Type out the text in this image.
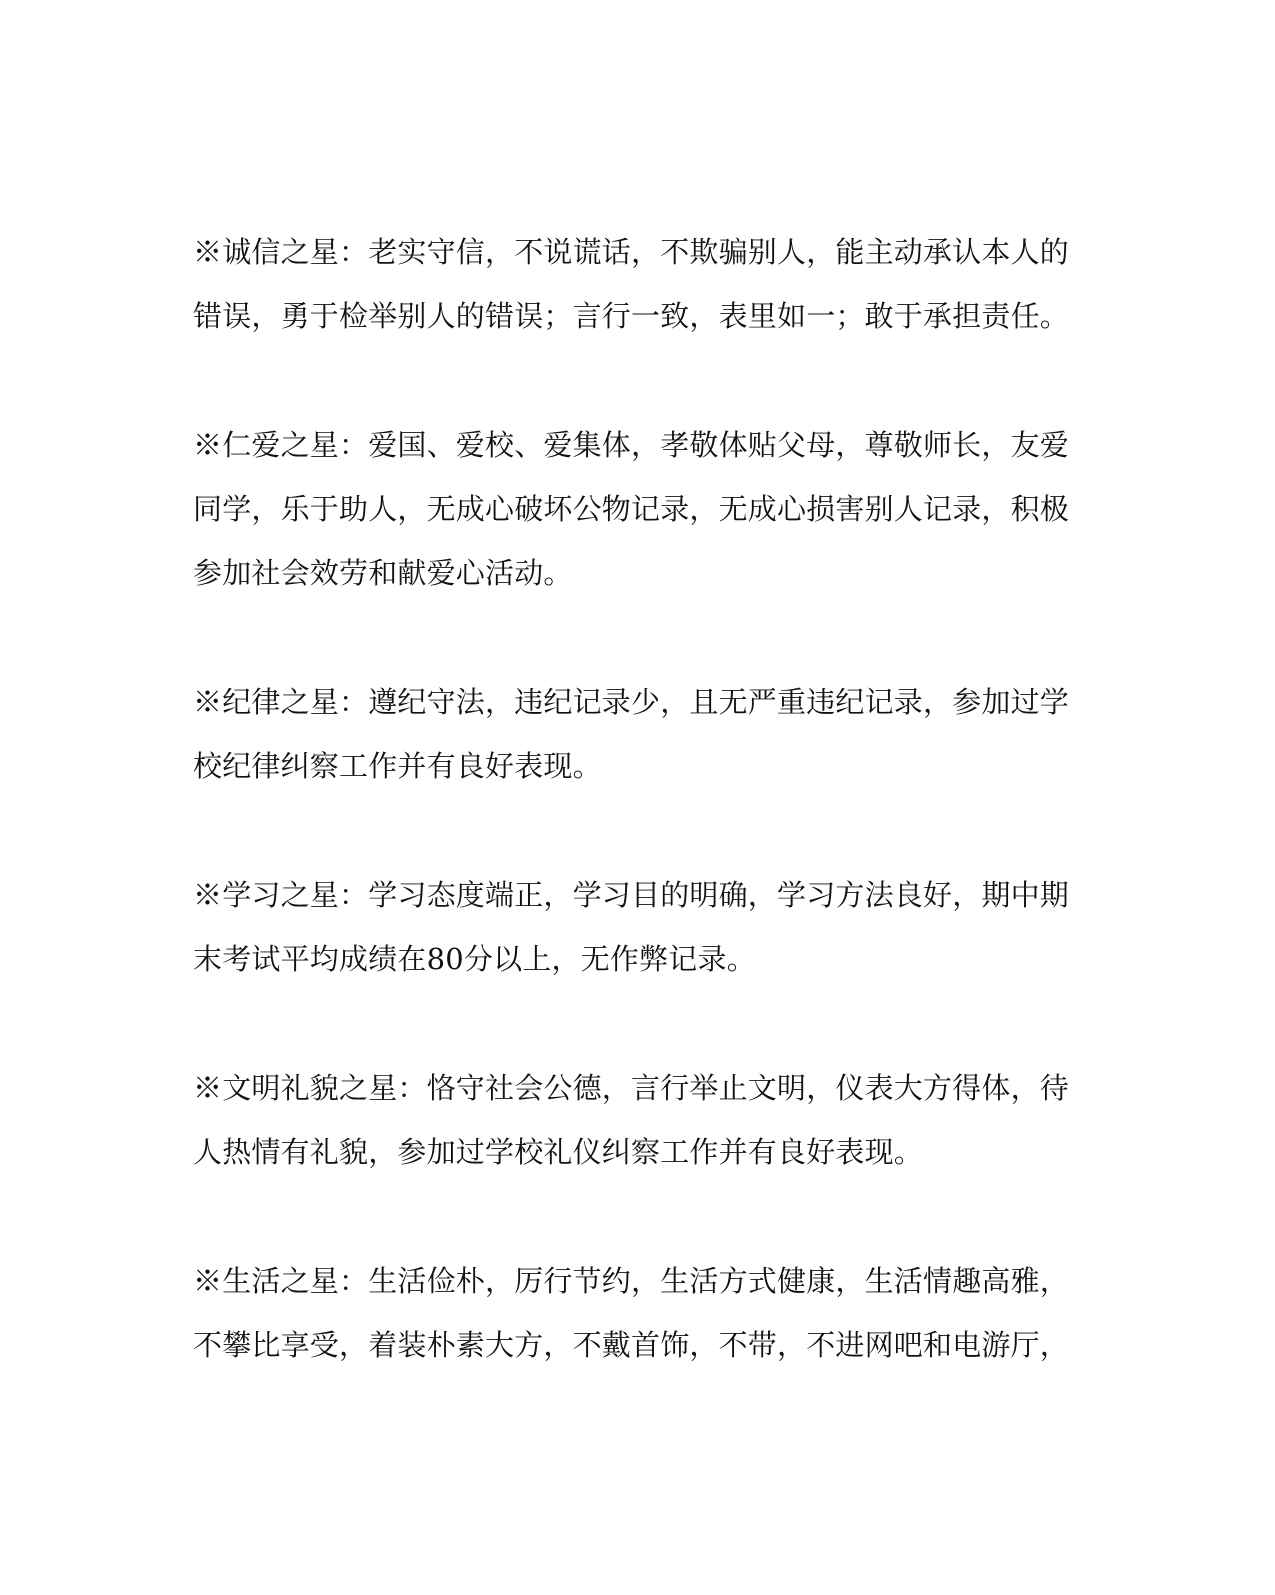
※诚信之星：老实守信，不说谎话，不欺骗别人，能主动承认本人的
错误，勇于检举别人的错误；言行一致，表里如一；敢于承担责任。

※仁爱之星：爱国、爱校、爱集体，孝敬体贴父母，尊敬师长，友爱
同学，乐于助人，无成心破坏公物记录，无成心损害别人记录，积极
参加社会效劳和献爱心活动。

※纪律之星：遵纪守法，违纪记录少，且无严重违纪记录，参加过学
校纪律纠察工作并有良好表现。

※学习之星：学习态度端正，学习目的明确，学习方法良好，期中期
末考试平均成绩在80分以上，无作弊记录。

※文明礼貌之星：恪守社会公德，言行举止文明，仪表大方得体，待
人热情有礼貌，参加过学校礼仪纠察工作并有良好表现。

※生活之星：生活俭朴，厉行节约，生活方式健康，生活情趣高雅，
不攀比享受，着装朴素大方，不戴首饰，不带，不进网吧和电游厅，
